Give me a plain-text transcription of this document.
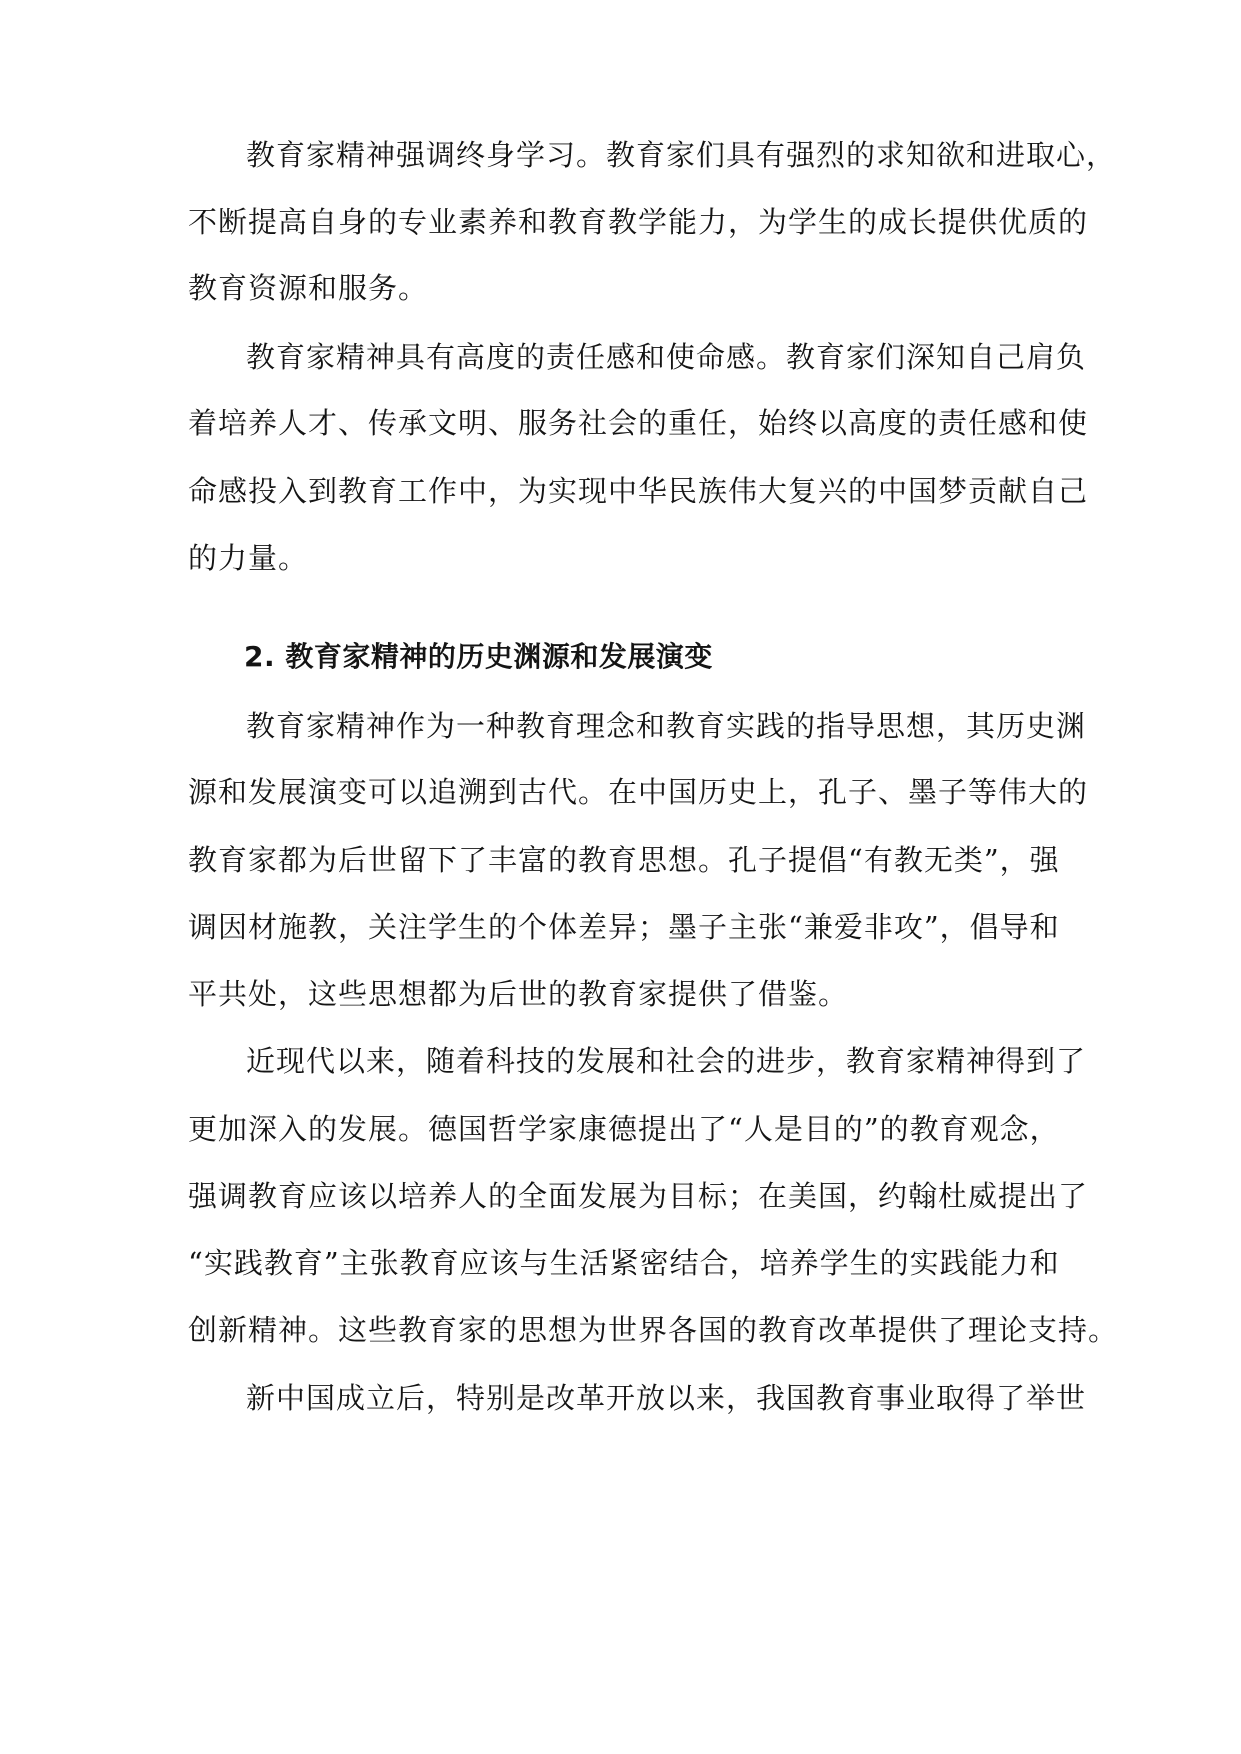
教育家精神强调终身学习。教育家们具有强烈的求知欲和进取心，
不断提高自身的专业素养和教育教学能力，为学生的成长提供优质的
教育资源和服务。
教育家精神具有高度的责任感和使命感。教育家们深知自己肩负
着培养人才、传承文明、服务社会的重任，始终以高度的责任感和使
命感投入到教育工作中，为实现中华民族伟大复兴的中国梦贡献自己
的力量。
2. 教育家精神的历史渊源和发展演变
教育家精神作为一种教育理念和教育实践的指导思想，其历史渊
源和发展演变可以追溯到古代。在中国历史上，孔子、墨子等伟大的
教育家都为后世留下了丰富的教育思想。孔子提倡“有教无类”，强
调因材施教，关注学生的个体差异；墨子主张“兼爱非攻”，倡导和
平共处，这些思想都为后世的教育家提供了借鉴。
近现代以来，随着科技的发展和社会的进步，教育家精神得到了
更加深入的发展。德国哲学家康德提出了“人是目的”的教育观念，
强调教育应该以培养人的全面发展为目标；在美国，约翰杜威提出了
“实践教育”主张教育应该与生活紧密结合，培养学生的实践能力和
创新精神。这些教育家的思想为世界各国的教育改革提供了理论支持。
新中国成立后，特别是改革开放以来，我国教育事业取得了举世
